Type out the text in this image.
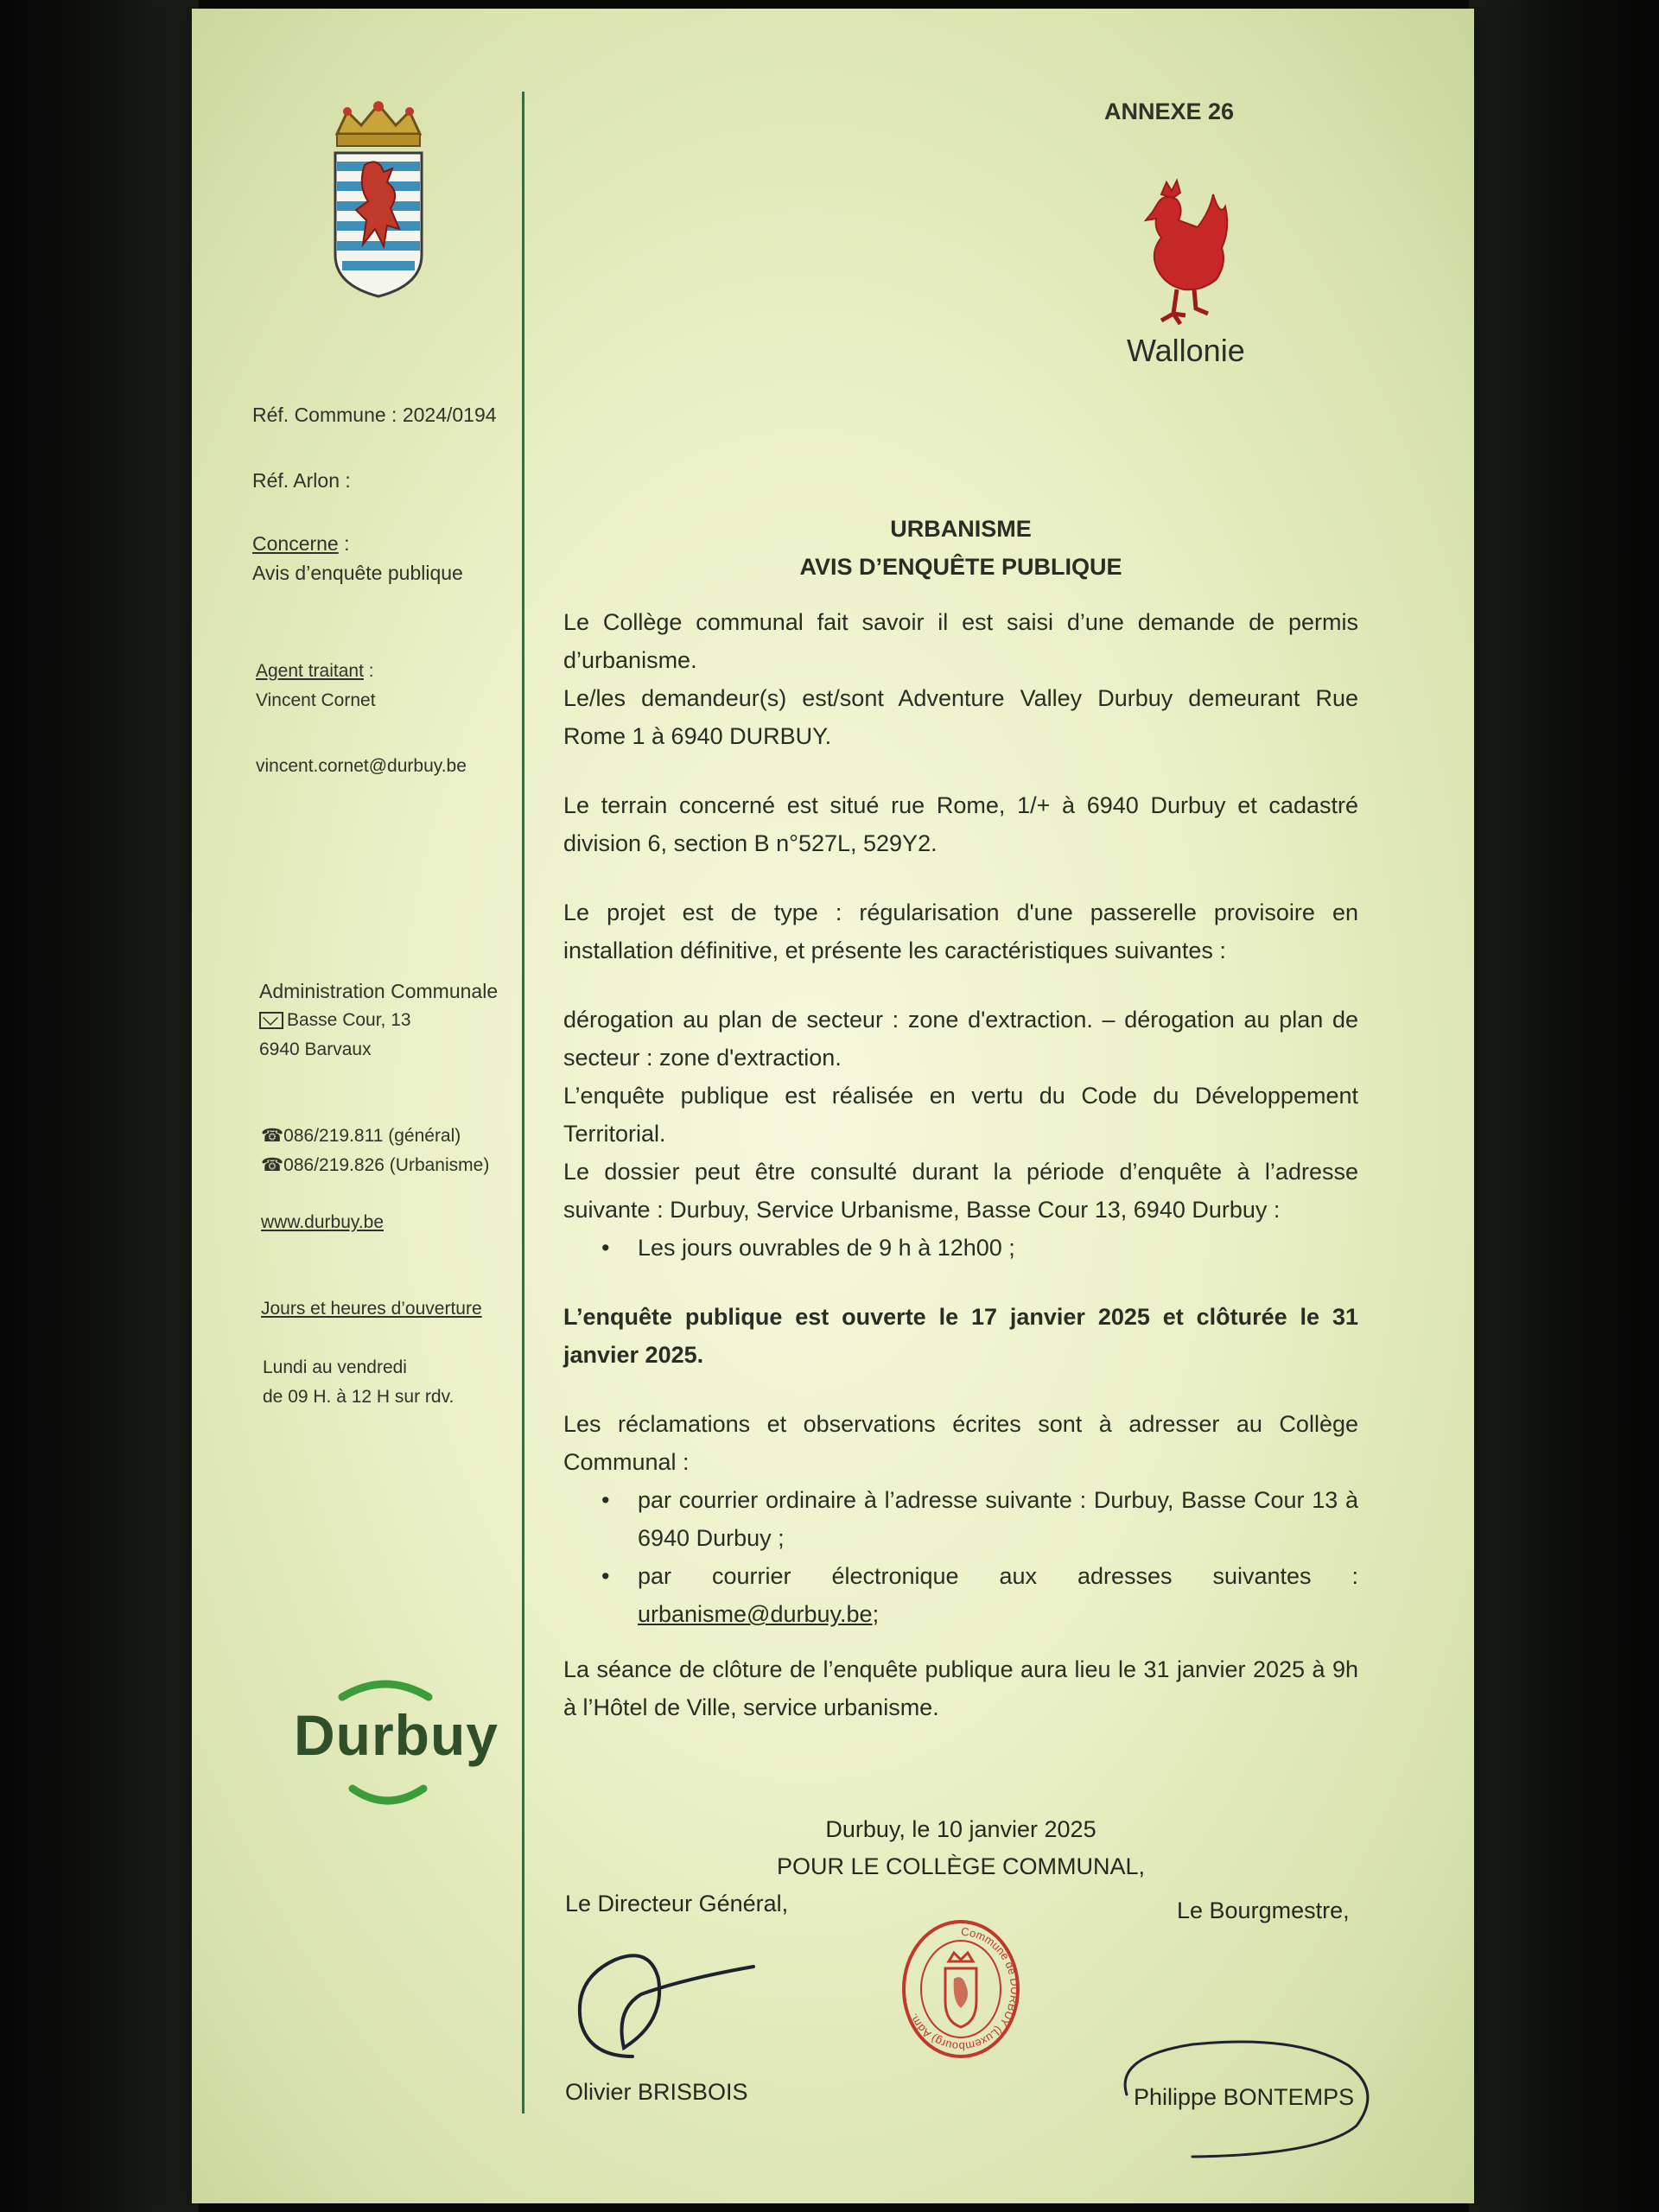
ANNEXE 26
Wallonie
Réf. Commune : 2024/0194
Réf. Arlon :
Concerne :
Avis d’enquête publique
Agent traitant :
Vincent Cornet
vincent.cornet@durbuy.be
Administration Communale
Basse Cour, 13
6940 Barvaux
☎086/219.811 (général)
☎086/219.826 (Urbanisme)
www.durbuy.be
Jours et heures d’ouverture
Lundi au vendredi
de 09 H. à 12 H sur rdv.
Durbuy

URBANISME

AVIS D’ENQUÊTE PUBLIQUE

Le Collège communal fait savoir il est saisi d’une demande de permis d’urbanisme.

Le/les demandeur(s) est/sont Adventure Valley Durbuy demeurant Rue Rome 1 à 6940 DURBUY.

Le terrain concerné est situé rue Rome, 1/+ à 6940 Durbuy et cadastré division 6, section B n°527L, 529Y2.

Le projet est de type : régularisation d'une passerelle provisoire en installation définitive, et présente les caractéristiques suivantes :

dérogation au plan de secteur : zone d'extraction. – dérogation au plan de secteur : zone d'extraction.

L’enquête publique est réalisée en vertu du Code du Développement Territorial.

Le dossier peut être consulté durant la période d’enquête à l’adresse suivante : Durbuy, Service Urbanisme, Basse Cour 13, 6940 Durbuy :

• Les jours ouvrables de 9 h à 12h00 ;

L’enquête publique est ouverte le 17 janvier 2025 et clôturée le 31 janvier 2025.

Les réclamations et observations écrites sont à adresser au Collège Communal :

• par courrier ordinaire à l’adresse suivante : Durbuy, Basse Cour 13 à 6940 Durbuy ;
• par courrier électronique aux adresses suivantes : urbanisme@durbuy.be;

La séance de clôture de l’enquête publique aura lieu le 31 janvier 2025 à 9h à l’Hôtel de Ville, service urbanisme.

Durbuy, le 10 janvier 2025
POUR LE COLLÈGE COMMUNAL,
Le Directeur Général,	Le Bourgmestre,
Olivier BRISBOIS
Commune de DURBUY (Luxembourg) Adm.
Philippe BONTEMPS
